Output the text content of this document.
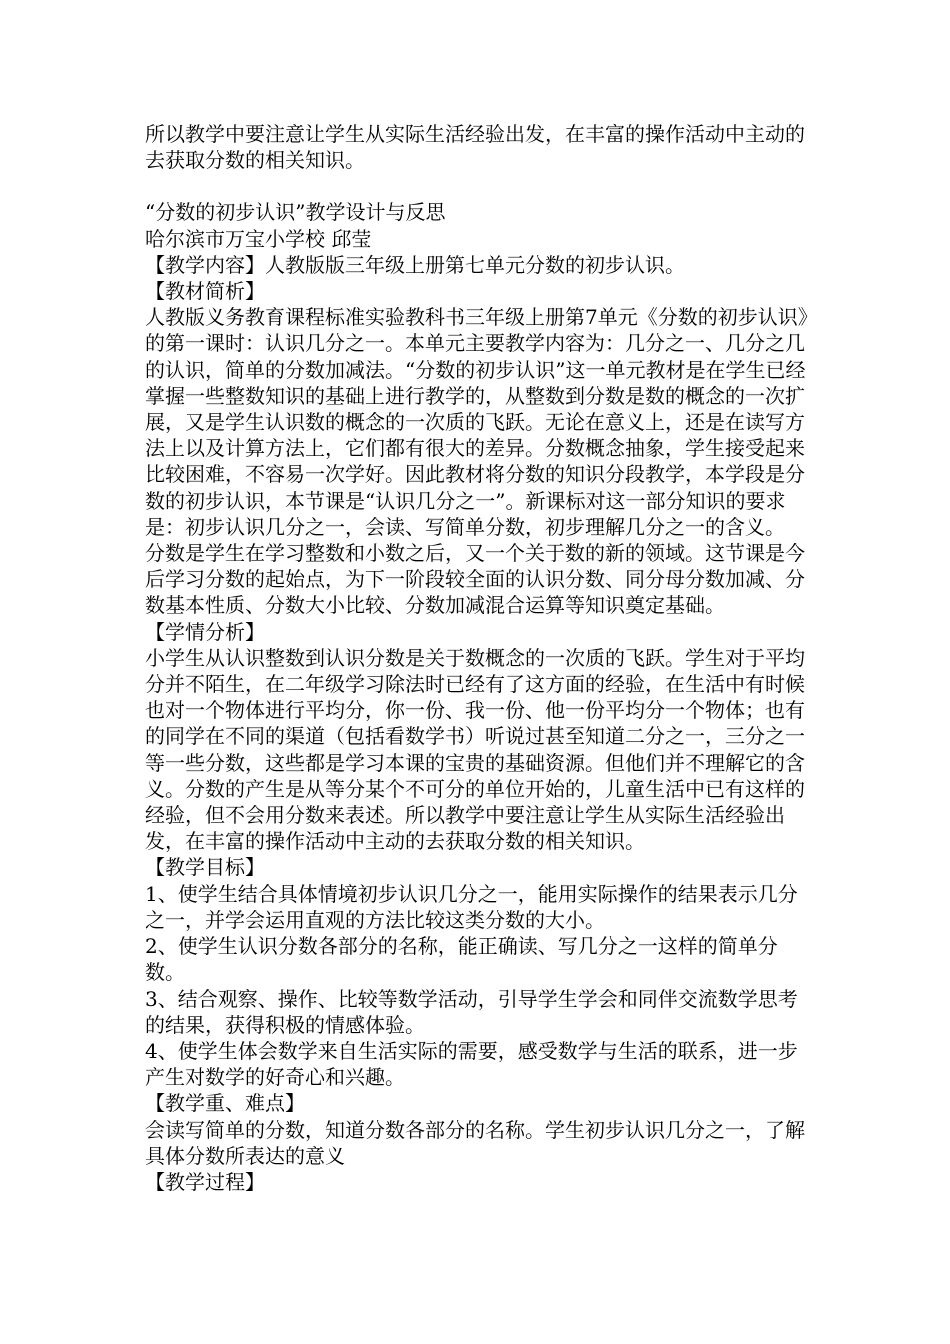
所以教学中要注意让学生从实际生活经验出发，在丰富的操作活动中主动的去获取分数的相关知识。

“分数的初步认识”教学设计与反思

哈尔滨市万宝小学校 邱莹

【教学内容】人教版版三年级上册第七单元分数的初步认识。

【教材简析】

人教版义务教育课程标准实验教科书三年级上册第7单元《分数的初步认识》的第一课时：认识几分之一。本单元主要教学内容为：几分之一、几分之几的认识，简单的分数加减法。“分数的初步认识”这一单元教材是在学生已经掌握一些整数知识的基础上进行教学的，从整数到分数是数的概念的一次扩展，又是学生认识数的概念的一次质的飞跃。无论在意义上，还是在读写方法上以及计算方法上，它们都有很大的差异。分数概念抽象，学生接受起来比较困难，不容易一次学好。因此教材将分数的知识分段教学，本学段是分数的初步认识，本节课是“认识几分之一”。新课标对这一部分知识的要求是：初步认识几分之一，会读、写简单分数，初步理解几分之一的含义。

分数是学生在学习整数和小数之后，又一个关于数的新的领域。这节课是今后学习分数的起始点，为下一阶段较全面的认识分数、同分母分数加减、分数基本性质、分数大小比较、分数加减混合运算等知识奠定基础。

【学情分析】

小学生从认识整数到认识分数是关于数概念的一次质的飞跃。学生对于平均分并不陌生，在二年级学习除法时已经有了这方面的经验，在生活中有时候也对一个物体进行平均分，你一份、我一份、他一份平均分一个物体；也有的同学在不同的渠道（包括看数学书）听说过甚至知道二分之一，三分之一等一些分数，这些都是学习本课的宝贵的基础资源。但他们并不理解它的含义。分数的产生是从等分某个不可分的单位开始的，儿童生活中已有这样的经验，但不会用分数来表述。所以教学中要注意让学生从实际生活经验出发，在丰富的操作活动中主动的去获取分数的相关知识。

【教学目标】

1、使学生结合具体情境初步认识几分之一，能用实际操作的结果表示几分之一，并学会运用直观的方法比较这类分数的大小。

2、使学生认识分数各部分的名称，能正确读、写几分之一这样的简单分数。

3、结合观察、操作、比较等数学活动，引导学生学会和同伴交流数学思考的结果，获得积极的情感体验。

4、使学生体会数学来自生活实际的需要，感受数学与生活的联系，进一步产生对数学的好奇心和兴趣。

【教学重、难点】

会读写简单的分数，知道分数各部分的名称。学生初步认识几分之一，了解具体分数所表达的意义

【教学过程】
